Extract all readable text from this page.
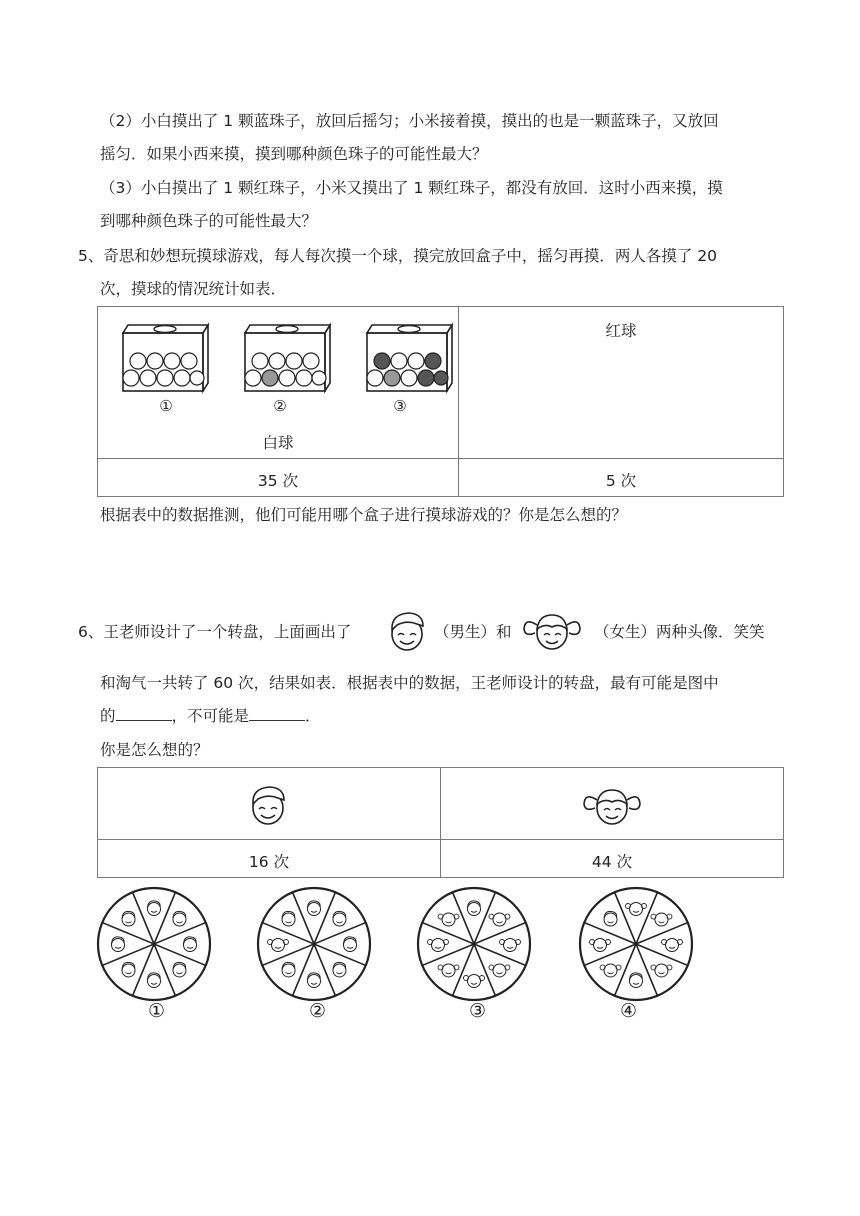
（2）小白摸出了 1 颗蓝珠子，放回后摇匀；小米接着摸，摸出的也是一颗蓝珠子，又放回
摇匀．如果小西来摸，摸到哪种颜色珠子的可能性最大？
（3）小白摸出了 1 颗红珠子，小米又摸出了 1 颗红珠子，都没有放回．这时小西来摸，摸
到哪种颜色珠子的可能性最大？
5、奇思和妙想玩摸球游戏，每人每次摸一个球，摸完放回盒子中，摇匀再摸．两人各摸了 20
次，摸球的情况统计如表．
① ② ③
白球	红球

35 次	5 次
根据表中的数据推测，他们可能用哪个盒子进行摸球游戏的？你是怎么想的？
6、王老师设计了一个转盘，上面画出了	（男生）和	（女生）两种头像．笑笑
和淘气一共转了 60 次，结果如表．根据表中的数据，王老师设计的转盘，最有可能是图中
的	，不可能是	．
你是怎么想的？

16 次	44 次
①	②	③	④
